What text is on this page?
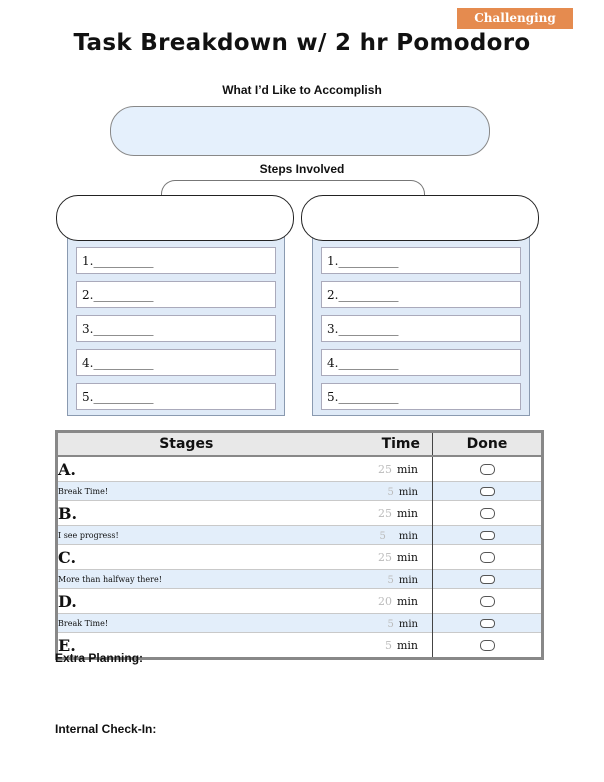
Challenging
Task Breakdown w/ 2 hr Pomodoro
What I’d Like to Accomplish
Steps Involved
1.__________
2.__________
3.__________
4.__________
5.__________
1.__________
2.__________
3.__________
4.__________
5.__________
Stages	Time	Done
A.	25 min	

Break Time!	5 min	

B.	25 min	

I see progress!	5 min	

C.	25 min	

More than halfway there!	5 min	

D.	20 min	

Break Time!	5 min	

E.	5 min	
Extra Planning:
Internal Check-In:
